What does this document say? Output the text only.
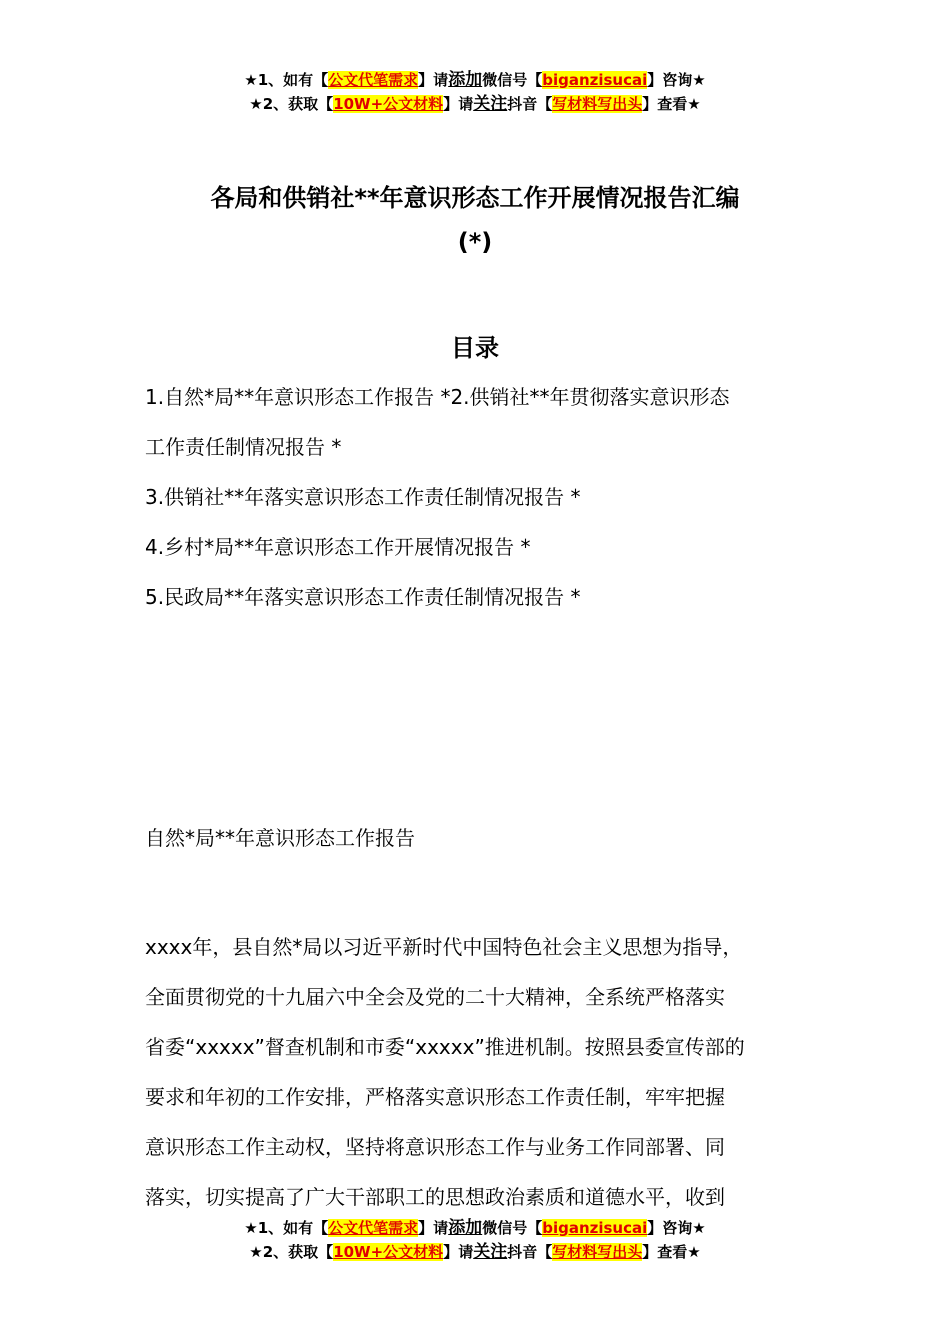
★1、如有【公文代笔需求】请添加微信号【biganzisucai】咨询★
★2、获取【10W+公文材料】请关注抖音【写材料写出头】查看★
各局和供销社**年意识形态工作开展情况报告汇编
(*)
目录
1.自然*局**年意识形态工作报告 *2.供销社**年贯彻落实意识形态
工作责任制情况报告 *
3.供销社**年落实意识形态工作责任制情况报告 *
4.乡村*局**年意识形态工作开展情况报告 *
5.民政局**年落实意识形态工作责任制情况报告 *
自然*局**年意识形态工作报告
xxxx年，县自然*局以习近平新时代中国特色社会主义思想为指导，
全面贯彻党的十九届六中全会及党的二十大精神，全系统严格落实
省委“xxxxx”督查机制和市委“xxxxx”推进机制。按照县委宣传部的
要求和年初的工作安排，严格落实意识形态工作责任制，牢牢把握
意识形态工作主动权，坚持将意识形态工作与业务工作同部署、同
落实，切实提高了广大干部职工的思想政治素质和道德水平，收到
★1、如有【公文代笔需求】请添加微信号【biganzisucai】咨询★
★2、获取【10W+公文材料】请关注抖音【写材料写出头】查看★
